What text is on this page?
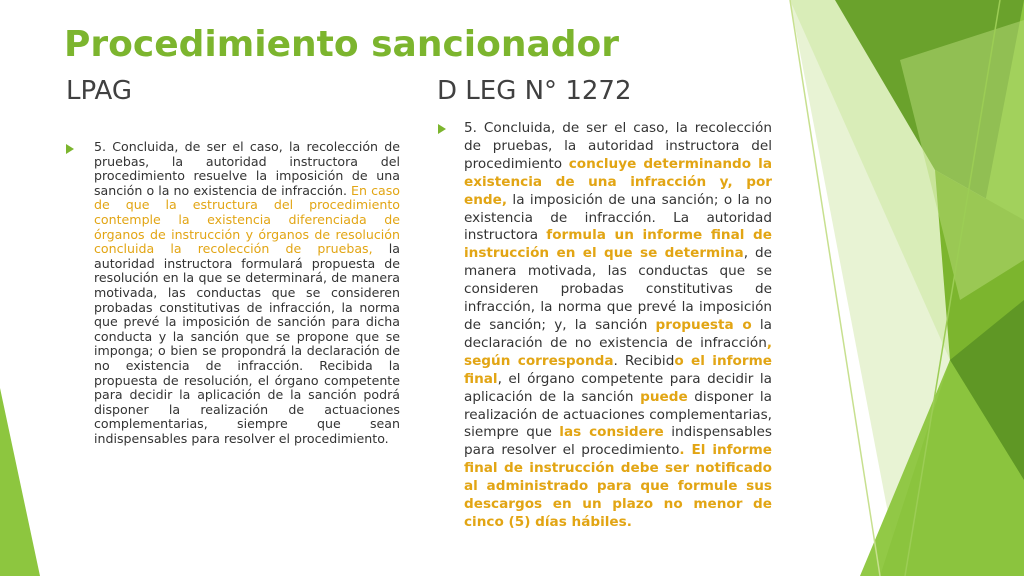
Procedimiento sancionador
LPAG	D LEG N° 1272

5. Concluida, de ser el caso, la recolección de pruebas, la autoridad instructora del procedimiento resuelve la imposición de una sanción o la no existencia de infracción. En caso de que la estructura del procedimiento contemple la existencia diferenciada de órganos de instrucción y órganos de resolución concluida la recolección de pruebas, la autoridad instructora formulará propuesta de resolución en la que se determinará, de manera motivada, las conductas que se consideren probadas constitutivas de infracción, la norma que prevé la imposición de sanción para dicha conducta y la sanción que se propone que se imponga; o bien se propondrá la declaración de no existencia de infracción. Recibida la propuesta de resolución, el órgano competente para decidir la aplicación de la sanción podrá disponer la realización de actuaciones complementarias, siempre que sean indispensables para resolver el procedimiento.

5. Concluida, de ser el caso, la recolección de pruebas, la autoridad instructora del procedimiento concluye determinando la existencia de una infracción y, por ende, la imposición de una sanción; o la no existencia de infracción. La autoridad instructora formula un informe final de instrucción en el que se determina, de manera motivada, las conductas que se consideren probadas constitutivas de infracción, la norma que prevé la imposición de sanción; y, la sanción propuesta o la declaración de no existencia de infracción, según corresponda. Recibido el informe final, el órgano competente para decidir la aplicación de la sanción puede disponer la realización de actuaciones complementarias, siempre que las considere indispensables para resolver el procedimiento. El informe final de instrucción debe ser notificado al administrado para que formule sus descargos en un plazo no menor de cinco (5) días hábiles.
